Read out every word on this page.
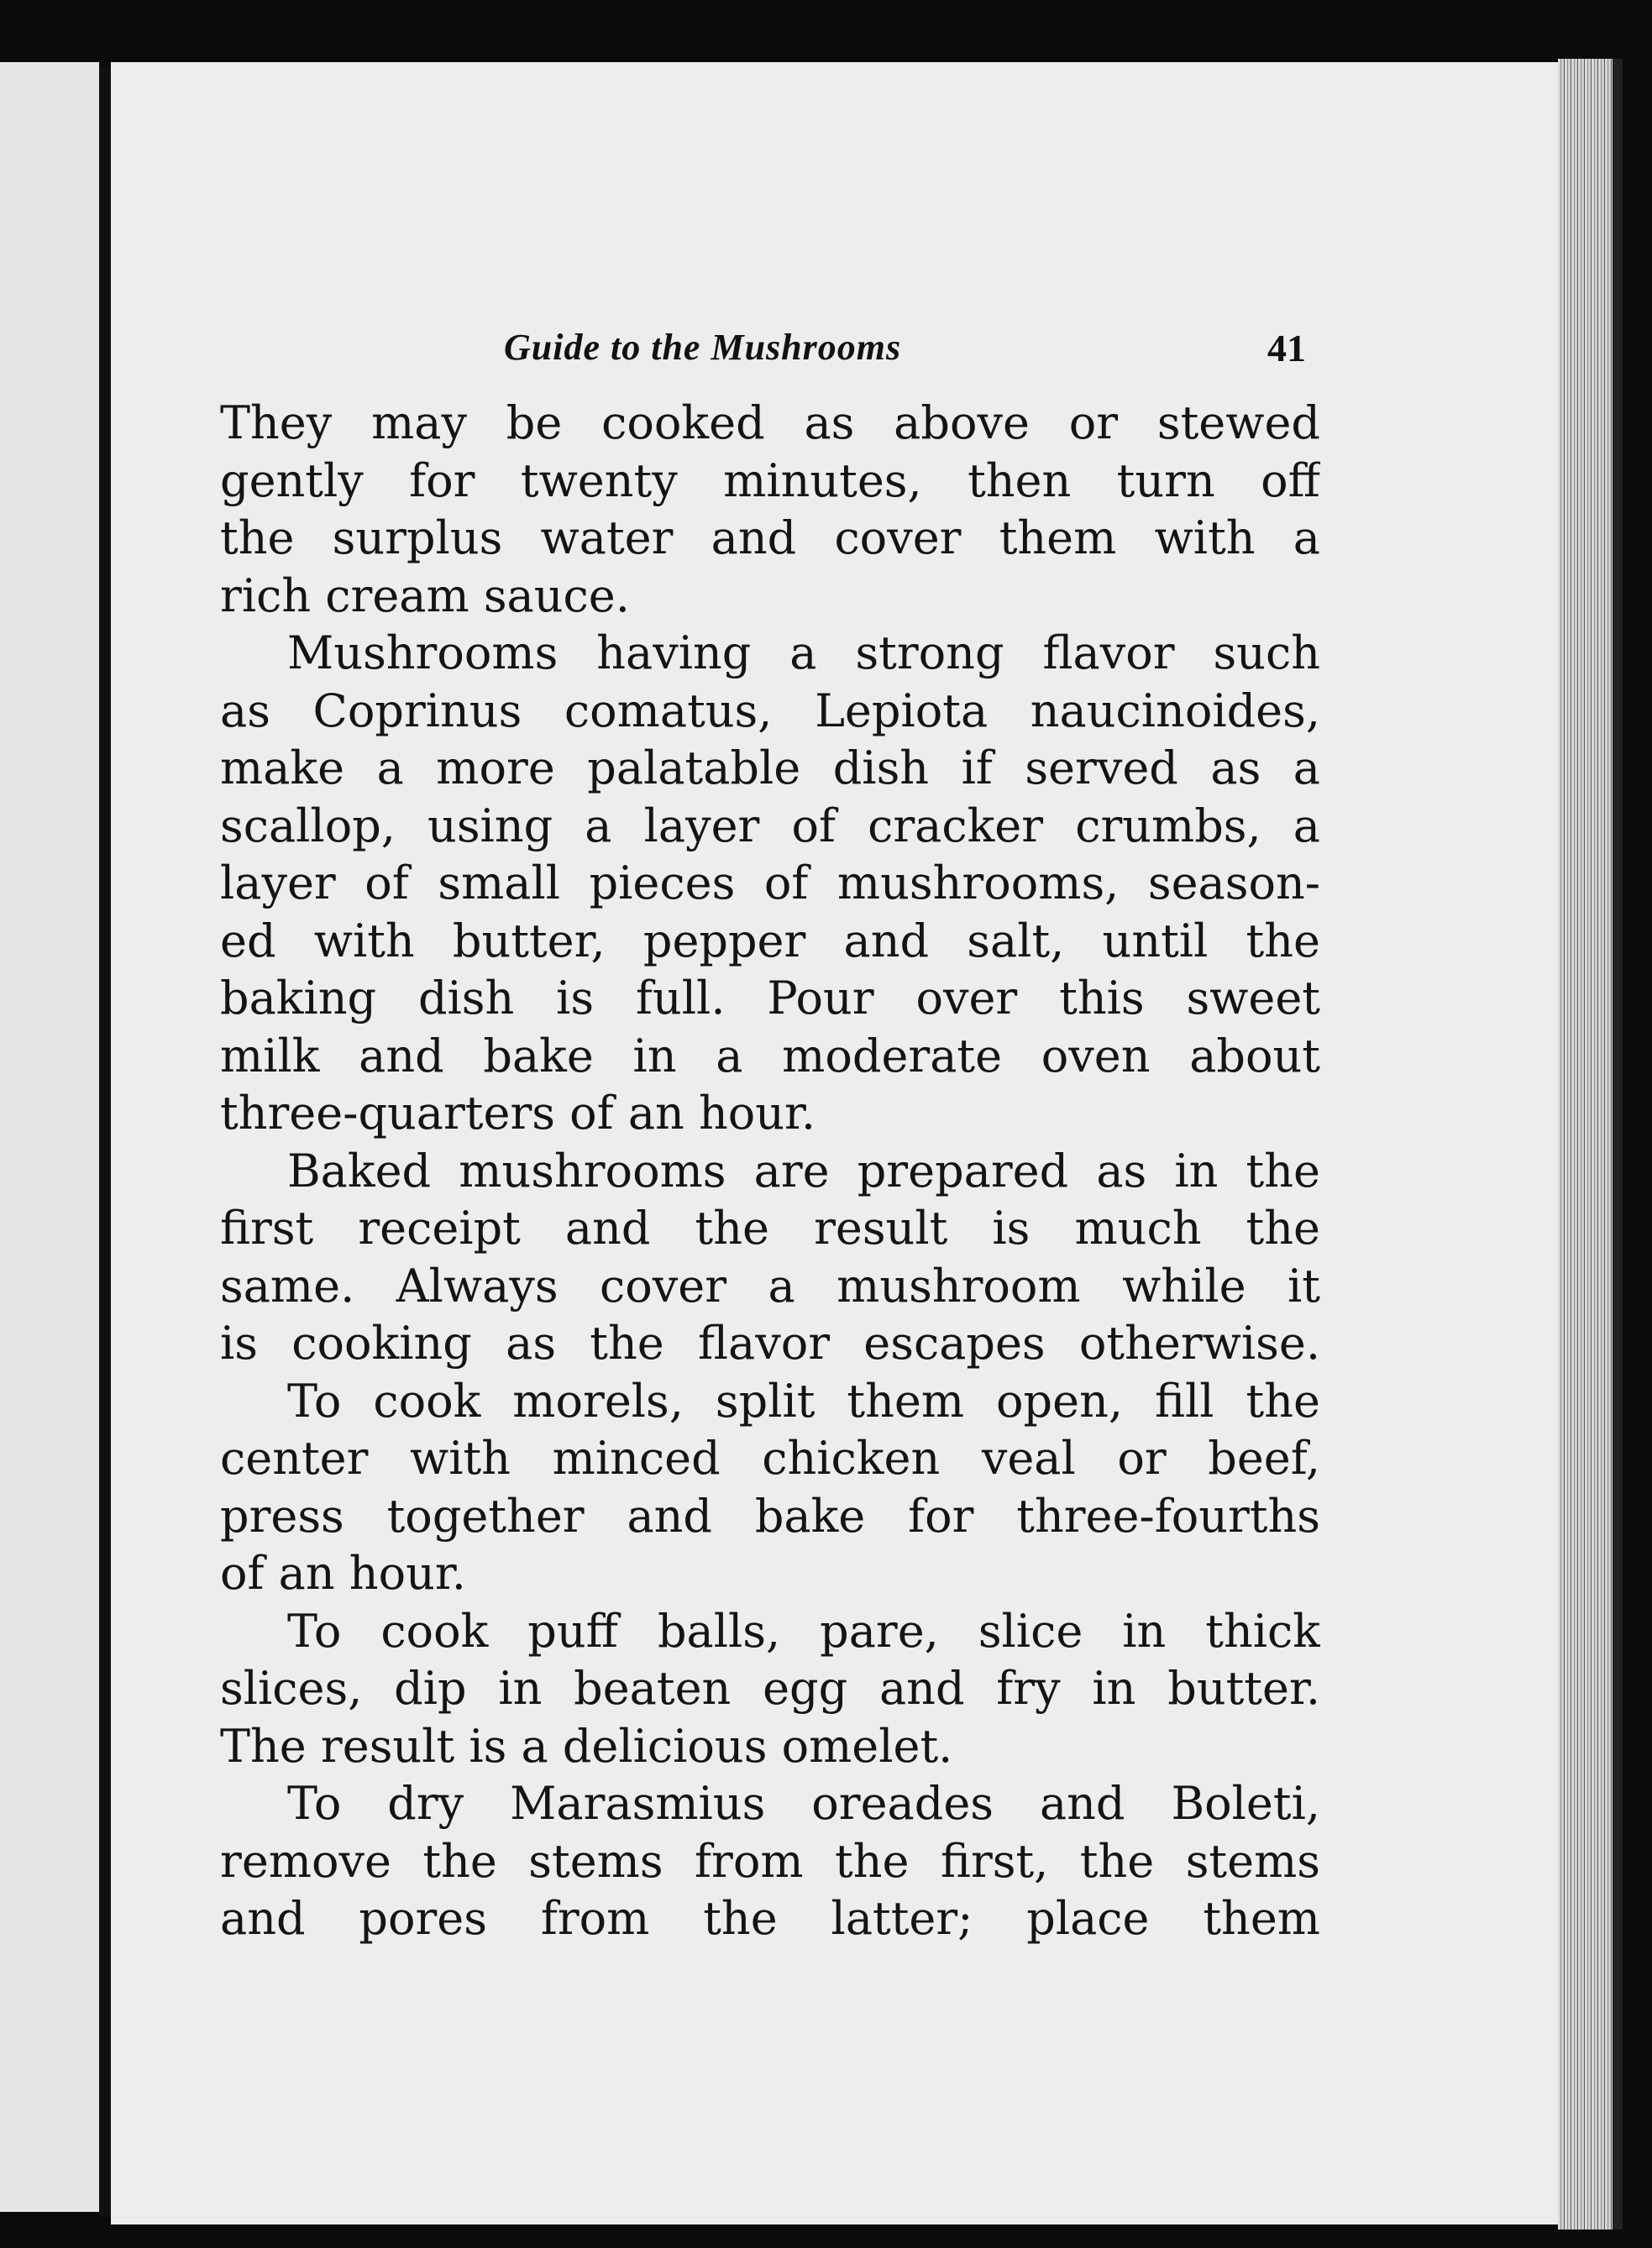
Guide to the Mushrooms	41
They may be cooked as above or stewed
gently for twenty minutes, then turn off
the surplus water and cover them with a
rich cream sauce.
Mushrooms having a strong flavor such
as Coprinus comatus, Lepiota naucinoides,
make a more palatable dish if served as a
scallop, using a layer of cracker crumbs, a
layer of small pieces of mushrooms, season-
ed with butter, pepper and salt, until the
baking dish is full. Pour over this sweet
milk and bake in a moderate oven about
three-quarters of an hour.
Baked mushrooms are prepared as in the
first receipt and the result is much the
same. Always cover a mushroom while it
is cooking as the flavor escapes otherwise.
To cook morels, split them open, fill the
center with minced chicken veal or beef,
press together and bake for three-fourths
of an hour.
To cook puff balls, pare, slice in thick
slices, dip in beaten egg and fry in butter.
The result is a delicious omelet.
To dry Marasmius oreades and Boleti,
remove the stems from the first, the stems
and pores from the latter; place them
